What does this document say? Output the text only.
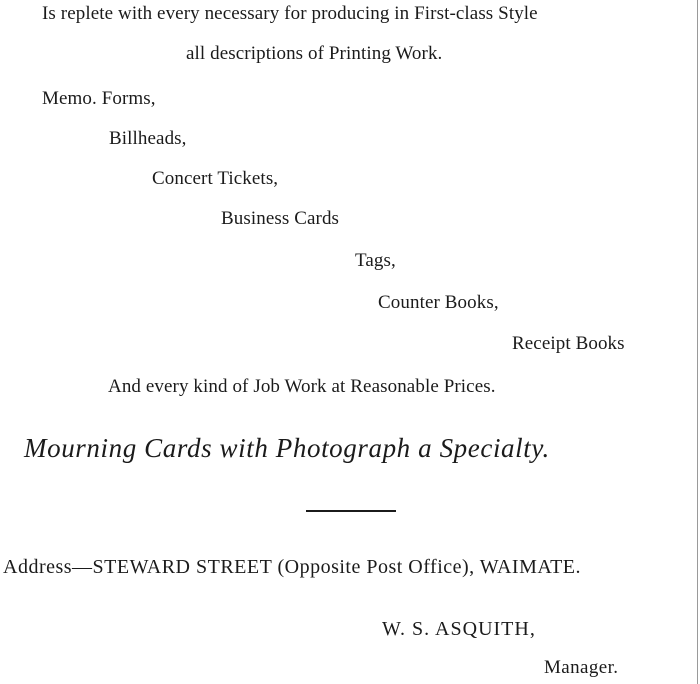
Is replete with every necessary for producing in First-class Style
all descriptions of Printing Work.
Memo. Forms,
Billheads,
Concert Tickets,
Business Cards
Tags,
Counter Books,
Receipt Books
And every kind of Job Work at Reasonable Prices.
Mourning Cards with Photograph a Specialty.
Address—STEWARD STREET (Opposite Post Office), WAIMATE.
W. S. ASQUITH,
Manager.
